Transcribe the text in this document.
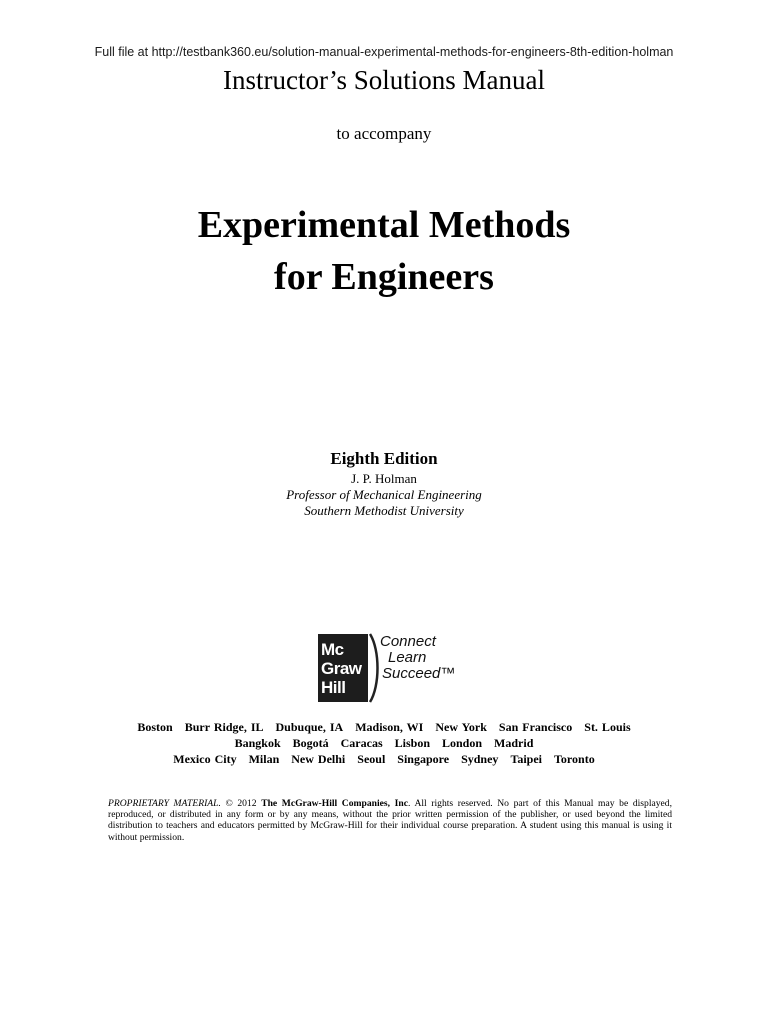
Full file at http://testbank360.eu/solution-manual-experimental-methods-for-engineers-8th-edition-holman
Instructor’s Solutions Manual
to accompany
Experimental Methods
for Engineers
Eighth Edition
J. P. Holman
Professor of Mechanical Engineering
Southern Methodist University
Mc
Graw
Hill
Connect
Learn
Succeed™
Boston Burr Ridge, IL Dubuque, IA Madison, WI New York San Francisco St. Louis
Bangkok Bogotá Caracas Lisbon London Madrid
Mexico City Milan New Delhi Seoul Singapore Sydney Taipei Toronto
PROPRIETARY MATERIAL. © 2012 The McGraw-Hill Companies, Inc. All rights reserved. No part of this Manual may be displayed, reproduced, or distributed in any form or by any means, without the prior written permission of the publisher, or used beyond the limited distribution to teachers and educators permitted by McGraw-Hill for their individual course preparation. A student using this manual is using it without permission.
